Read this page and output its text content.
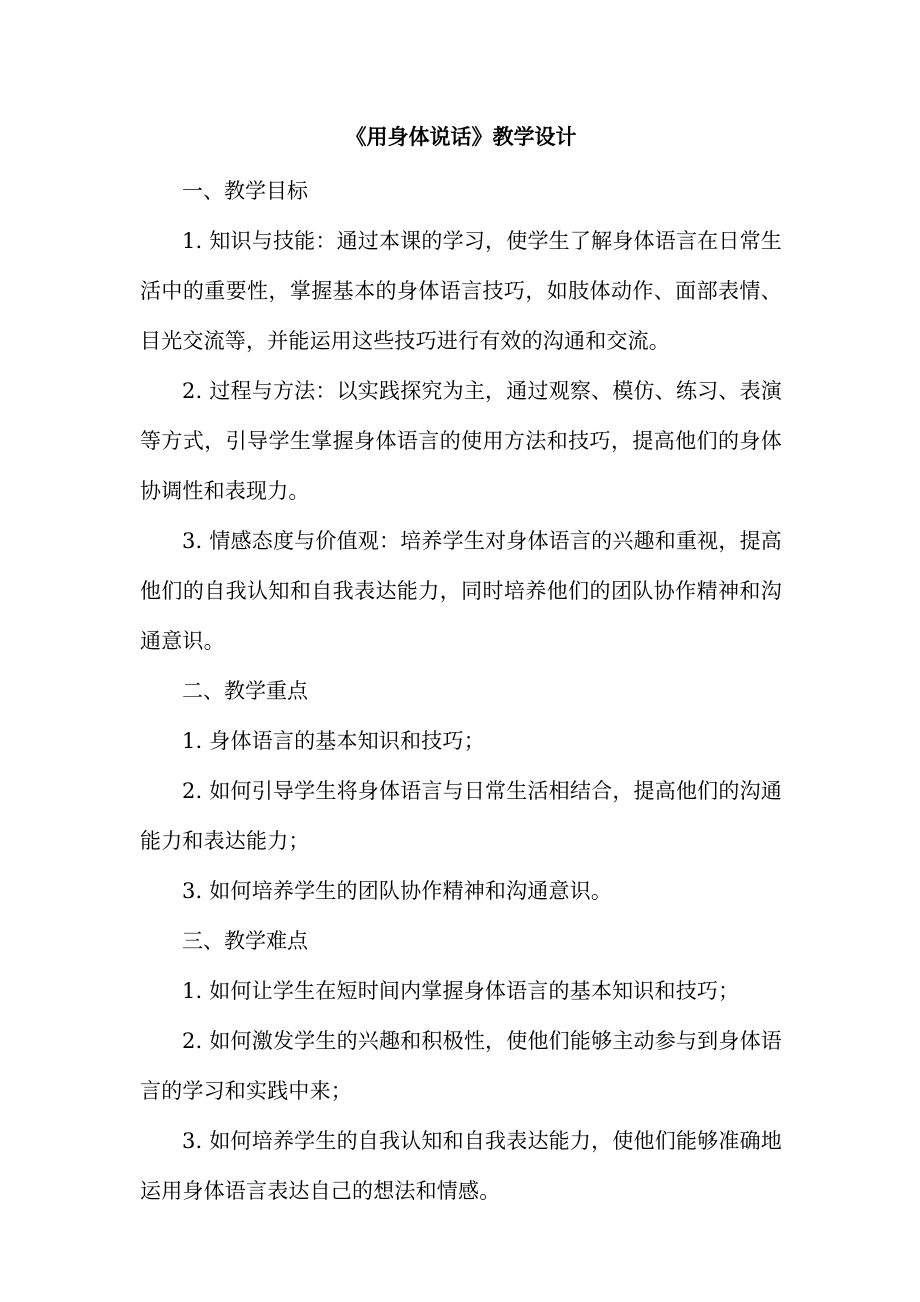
《用身体说话》教学设计

一、教学目标

1. 知识与技能：通过本课的学习，使学生了解身体语言在日常生活中的重要性，掌握基本的身体语言技巧，如肢体动作、面部表情、目光交流等，并能运用这些技巧进行有效的沟通和交流。

2. 过程与方法：以实践探究为主，通过观察、模仿、练习、表演等方式，引导学生掌握身体语言的使用方法和技巧，提高他们的身体协调性和表现力。

3. 情感态度与价值观：培养学生对身体语言的兴趣和重视，提高他们的自我认知和自我表达能力，同时培养他们的团队协作精神和沟通意识。

二、教学重点

1. 身体语言的基本知识和技巧；

2. 如何引导学生将身体语言与日常生活相结合，提高他们的沟通能力和表达能力；

3. 如何培养学生的团队协作精神和沟通意识。

三、教学难点

1. 如何让学生在短时间内掌握身体语言的基本知识和技巧；

2. 如何激发学生的兴趣和积极性，使他们能够主动参与到身体语言的学习和实践中来；

3. 如何培养学生的自我认知和自我表达能力，使他们能够准确地运用身体语言表达自己的想法和情感。
